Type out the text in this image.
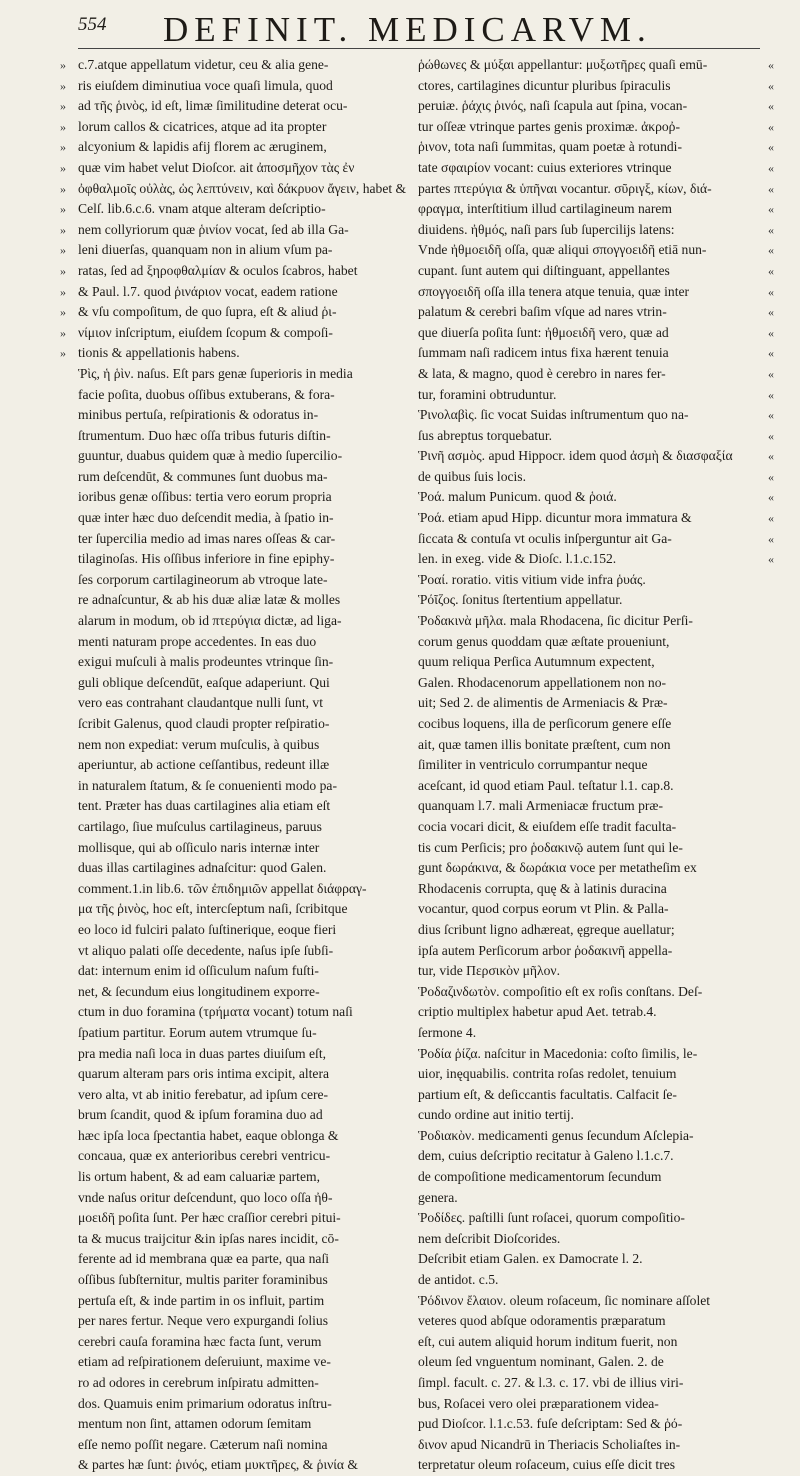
554 DEFINIT. MEDICARVM.
»
»
»
»
»
»
»
»
»
»
»
»
»
»
»
c.7.atque appellatum videtur, ceu & alia gene-
ris eiuſdem diminutiua voce quaſi limula, quod
ad τῆς ῥινὸς, id eſt, limæ ſimilitudine deterat ocu-
lorum callos & cicatrices, atque ad ita propter
alcyonium & lapidis afij florem ac æruginem,
quæ vim habet velut Dioſcor. ait ἀποσμῆχον τὰς ἐν
ὀφθαλμοῖς οὐλὰς, ὡς λεπτύνειν, καὶ δάκρυον ἄγειν, habet &
Celſ. lib.6.c.6. vnam atque alteram deſcriptio-
nem collyriorum quæ ῥινίον vocat, ſed ab illa Ga-
leni diuerſas, quanquam non in alium vſum pa-
ratas, ſed ad ξηροφθαλμίαν & oculos ſcabros, habet
& Paul. l.7. quod ῥινάριον vocat, eadem ratione
& vſu compoſitum, de quo ſupra, eſt & aliud ῥι-
νίμιον inſcriptum, eiuſdem ſcopum & compoſi-
tionis & appellationis habens.
Ῥὶς, ἡ ῥὶν. naſus. Eſt pars genæ ſuperioris in media
facie poſita, duobus oſſibus extuberans, & fora-
minibus pertuſa, reſpirationis & odoratus in-
ſtrumentum. Duo hæc oſſa tribus futuris diſtin-
guuntur, duabus quidem quæ à medio ſupercilio-
rum deſcendūt, & communes ſunt duobus ma-
ioribus genæ oſſibus: tertia vero eorum propria
quæ inter hæc duo deſcendit media, à ſpatio in-
ter ſupercilia medio ad imas nares oſſeas & car-
tilaginoſas. His oſſibus inferiore in fine epiphy-
ſes corporum cartilagineorum ab vtroque late-
re adnaſcuntur, & ab his duæ aliæ latæ & molles
alarum in modum, ob id πτερύγια dictæ, ad liga-
menti naturam prope accedentes. In eas duo
exigui muſculi à malis prodeuntes vtrinque ſin-
guli oblique deſcendūt, eaſque adaperiunt. Qui
vero eas contrahant claudantque nulli ſunt, vt
ſcribit Galenus, quod claudi propter reſpiratio-
nem non expediat: verum muſculis, à quibus
aperiuntur, ab actione ceſſantibus, redeunt illæ
in naturalem ſtatum, & ſe conuenienti modo pa-
tent. Præter has duas cartilagines alia etiam eſt
cartilago, ſiue muſculus cartilagineus, paruus
mollisque, qui ab oſſiculo naris internæ inter
duas illas cartilagines adnaſcitur: quod Galen.
comment.1.in lib.6. τῶν ἐπιδημιῶν appellat διάφραγ-
μα τῆς ῥινὸς, hoc eſt, intercſeptum naſi, ſcribitque
eo loco id fulciri palato ſuſtinerique, eoque fieri
vt aliquo palati oſſe decedente, naſus ipſe ſubſi-
dat: internum enim id oſſiculum naſum fuſti-
net, & ſecundum eius longitudinem exporre-
ctum in duo foramina (τρήματα vocant) totum naſi
ſpatium partitur. Eorum autem vtrumque ſu-
pra media naſi loca in duas partes diuiſum eſt,
quarum alteram pars oris intima excipit, altera
vero alta, vt ab initio ferebatur, ad ipſum cere-
brum ſcandit, quod & ipſum foramina duo ad
hæc ipſa loca ſpectantia habet, eaque oblonga &
concaua, quæ ex anterioribus cerebri ventricu-
lis ortum habent, & ad eam caluariæ partem,
vnde naſus oritur deſcendunt, quo loco oſſa ἠθ-
μοειδῆ poſita ſunt. Per hæc craſſior cerebri pitui-
ta & mucus traijcitur &in ipſas nares incidit, cō-
ferente ad id membrana quæ ea parte, qua naſi
oſſibus ſubſternitur, multis pariter foraminibus
pertuſa eſt, & inde partim in os influit, partim
per nares fertur. Neque vero expurgandi ſolius
cerebri cauſa foramina hæc facta ſunt, verum
etiam ad reſpirationem deſeruiunt, maxime ve-
ro ad odores in cerebrum inſpiratu admitten-
dos. Quamuis enim primarium odoratus inſtru-
mentum non ſint, attamen odorum ſemitam
eſſe nemo poſſit negare. Cæterum naſi nomina
& partes hæ ſunt: ῥινός, etiam μυκτῆρες, & ῥινία &
ῥώθωνες & μύξαι appellantur: μυξωτῆρες quaſi emū-
ctores, cartilagines dicuntur pluribus ſpiraculis
peruiæ. ῥάχις ῥινός, naſi ſcapula aut ſpina, vocan-
tur oſſeæ vtrinque partes genis proximæ. ἀκροῤ-
ῥινον, tota naſi ſummitas, quam poetæ à rotundi-
tate σφαιρίον vocant: cuius exteriores vtrinque
partes πτερύγια & ὑπῆναι vocantur. σῦριγξ, κίων, διά-
φραγμα, interſtitium illud cartilagineum narem
diuidens. ἠθμός, naſi pars ſub ſupercilijs latens:
Vnde ἠθμοειδῆ oſſa, quæ aliqui σπογγοειδῆ etiā nun-
cupant. ſunt autem qui diſtinguant, appellantes
σπογγοειδῆ oſſa illa tenera atque tenuia, quæ inter
palatum & cerebri baſim vſque ad nares vtrin-
que diuerſa poſita ſunt: ἠθμοειδῆ vero, quæ ad
ſummam naſi radicem intus fixa hærent tenuia
& lata, & magno, quod è cerebro in nares fer-
tur, foramini obtruduntur.
Ῥινολαβὶς. ſic vocat Suidas inſtrumentum quo na-
ſus abreptus torquebatur.
Ῥινῆ ασμὸς. apud Hippocr. idem quod ἀσμὴ & διασφαξία
de quibus ſuis locis.
Ῥοά. malum Punicum. quod & ῥοιά.
Ῥοά. etiam apud Hipp. dicuntur mora immatura &
ſiccata & contuſa vt oculis inſperguntur ait Ga-
len. in exeg. vide & Dioſc. l.1.c.152.
Ῥοαί. roratio. vitis vitium vide infra ῥυάς.
Ῥόῖζος. ſonitus ſtertentium appellatur.
Ῥοδακινὰ μῆλα. mala Rhodacena, ſic dicitur Perſi-
corum genus quoddam quæ æſtate proueniunt,
quum reliqua Perſica Autumnum expectent,
Galen. Rhodacenorum appellationem non no-
uit; Sed 2. de alimentis de Armeniacis & Præ-
cocibus loquens, illa de perſicorum genere eſſe
ait, quæ tamen illis bonitate præſtent, cum non
ſimiliter in ventriculo corrumpantur neque
aceſcant, id quod etiam Paul. teſtatur l.1. cap.8.
quanquam l.7. mali Armeniacæ fructum præ-
cocia vocari dicit, & eiuſdem eſſe tradit faculta-
tis cum Perſicis; pro ῥοδακινῷ autem ſunt qui le-
gunt δωράκινα, & δωράκια voce per metatheſim ex
Rhodacenis corrupta, quę & à latinis duracina
vocantur, quod corpus eorum vt Plin. & Palla-
dius ſcribunt ligno adhæreat, ęgreque auellatur;
ipſa autem Perſicorum arbor ῥοδακινῆ appella-
tur, vide Περσικὸν μῆλον.
Ῥοδαζινδωτὸν. compoſitio eſt ex roſis conſtans. Deſ-
criptio multiplex habetur apud Aet. tetrab.4.
ſermone 4.
Ῥοδία ῥίζα. naſcitur in Macedonia: coſto ſimilis, le-
uior, inęquabilis. contrita roſas redolet, tenuium
partium eſt, & deſiccantis facultatis. Calfacit ſe-
cundo ordine aut initio tertij.
Ῥοδιακὸν. medicamenti genus ſecundum Aſclepia-
dem, cuius deſcriptio recitatur à Galeno l.1.c.7.
de compoſitione medicamentorum ſecundum
genera.
Ῥοδίδες. paſtilli ſunt roſacei, quorum compoſitio-
nem deſcribit Dioſcorides.
Deſcribit etiam Galen. ex Damocrate l. 2.
de antidot. c.5.
Ῥόδινον ἔλαιον. oleum roſaceum, ſic nominare aſſolet
veteres quod abſque odoramentis præparatum
eſt, cui autem aliquid horum inditum fuerit, non
oleum ſed vnguentum nominant, Galen. 2. de
ſimpl. facult. c. 27. & l.3. c. 17. vbi de illius viri-
bus, Roſacei vero olei præparationem videa-
pud Dioſcor. l.1.c.53. fuſe deſcriptam: Sed & ῥό-
δινον apud Nicandrū in Theriacis Scholiaſtes in-
terpretatur oleum roſaceum, cuius eſſe dicit tres
«
«
«
«
«
«
«
«
«
«
«
«
«
«
«
«
«
«
«
«
«
«
«
«
«
